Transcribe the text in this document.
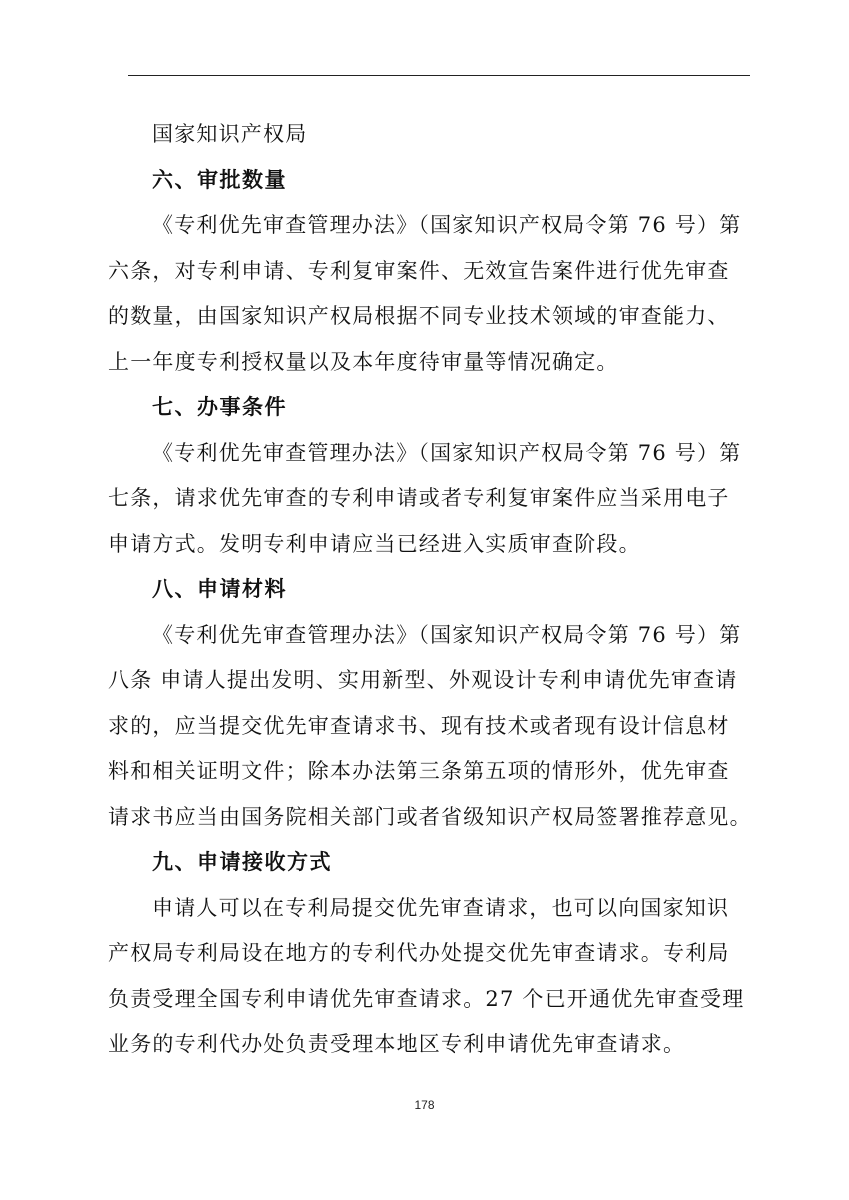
国家知识产权局
六、审批数量
《专利优先审查管理办法》（国家知识产权局令第 76 号）第
六条，对专利申请、专利复审案件、无效宣告案件进行优先审查
的数量，由国家知识产权局根据不同专业技术领域的审查能力、
上一年度专利授权量以及本年度待审量等情况确定。
七、办事条件
《专利优先审查管理办法》（国家知识产权局令第 76 号）第
七条，请求优先审查的专利申请或者专利复审案件应当采用电子
申请方式。发明专利申请应当已经进入实质审查阶段。
八、申请材料
《专利优先审查管理办法》（国家知识产权局令第 76 号）第
八条 申请人提出发明、实用新型、外观设计专利申请优先审查请
求的，应当提交优先审查请求书、现有技术或者现有设计信息材
料和相关证明文件；除本办法第三条第五项的情形外，优先审查
请求书应当由国务院相关部门或者省级知识产权局签署推荐意见。
九、申请接收方式
申请人可以在专利局提交优先审查请求，也可以向国家知识
产权局专利局设在地方的专利代办处提交优先审查请求。专利局
负责受理全国专利申请优先审查请求。27 个已开通优先审查受理
业务的专利代办处负责受理本地区专利申请优先审查请求。
178
